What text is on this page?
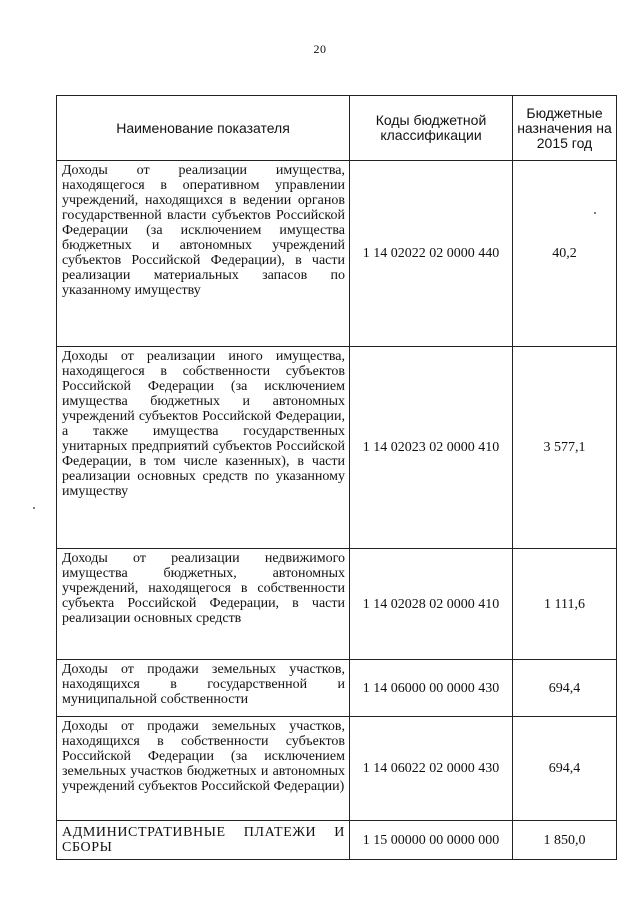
20
Наименование показателя	Коды бюджетной классификации	Бюджетные назначения на 2015 год
Доходы от реализации имущества, находящегося в оперативном управлении учреждений, находящихся в ведении органов государственной власти субъектов Российской Федерации (за исключением имущества бюджетных и автономных учреждений субъектов Российской Федерации), в части реализации материальных запасов по указанному имуществу	1 14 02022 02 0000 440	40,2
Доходы от реализации иного имущества, находящегося в собственности субъектов Российской Федерации (за исключением имущества бюджетных и автономных учреждений субъектов Российской Федерации, а также имущества государственных унитарных предприятий субъектов Российской Федерации, в том числе казенных), в части реализации основных средств по указанному имуществу	1 14 02023 02 0000 410	3 577,1
Доходы от реализации недвижимого имущества бюджетных, автономных учреждений, находящегося в собственности субъекта Российской Федерации, в части реализации основных средств	1 14 02028 02 0000 410	1 111,6
Доходы от продажи земельных участков, находящихся в государственной и муниципальной собственности	1 14 06000 00 0000 430	694,4
Доходы от продажи земельных участков, находящихся в собственности субъектов Российской Федерации (за исключением земельных участков бюджетных и автономных учреждений субъектов Российской Федерации)	1 14 06022 02 0000 430	694,4

АДМИНИСТРАТИВНЫЕ ПЛАТЕЖИ И
СБОРЫ	1 15 00000 00 0000 000	1 850,0
